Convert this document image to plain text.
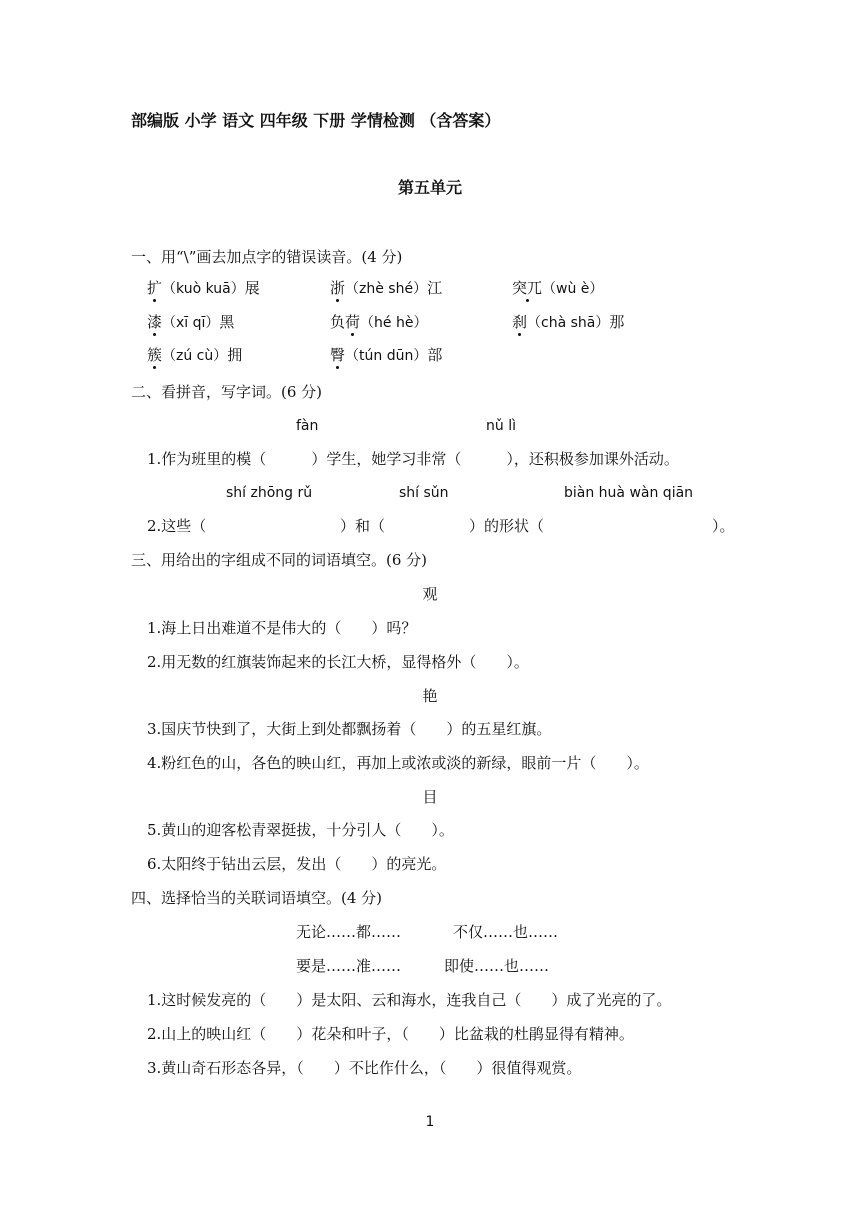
部编版 小学 语文 四年级 下册 学情检测 （含答案）
第五单元
一、用“\”画去加点字的错误读音。(4 分)
扩（kuò kuā）展	浙（zhè shé）江	突兀（wù è）
漆（xī qī）黑	负荷（hé hè）	刹（chà shā）那
簇（zú cù）拥	臀（tún dūn）部
二、看拼音，写字词。(6 分)
fàn	nǔ lì
1.作为班里的模（　　　）学生，她学习非常（　　　），还积极参加课外活动。
shí zhōng rǔ	shí sǔn	biàn huà wàn qiān
2.这些（	）和（	）的形状（	）。
三、用给出的字组成不同的词语填空。(6 分)
观
1.海上日出难道不是伟大的（　　）吗？
2.用无数的红旗装饰起来的长江大桥，显得格外（　　）。
艳
3.国庆节快到了，大街上到处都飘扬着（　　）的五星红旗。
4.粉红色的山，各色的映山红，再加上或浓或淡的新绿，眼前一片（　　）。
目
5.黄山的迎客松青翠挺拔，十分引人（　　）。
6.太阳终于钻出云层，发出（　　）的亮光。
四、选择恰当的关联词语填空。(4 分)
无论……都……	不仅……也……
要是……准……	即使……也……
1.这时候发亮的（　　）是太阳、云和海水，连我自己（　　）成了光亮的了。
2.山上的映山红（　　）花朵和叶子，（　　）比盆栽的杜鹃显得有精神。
3.黄山奇石形态各异，（　　）不比作什么，（　　）很值得观赏。
1
